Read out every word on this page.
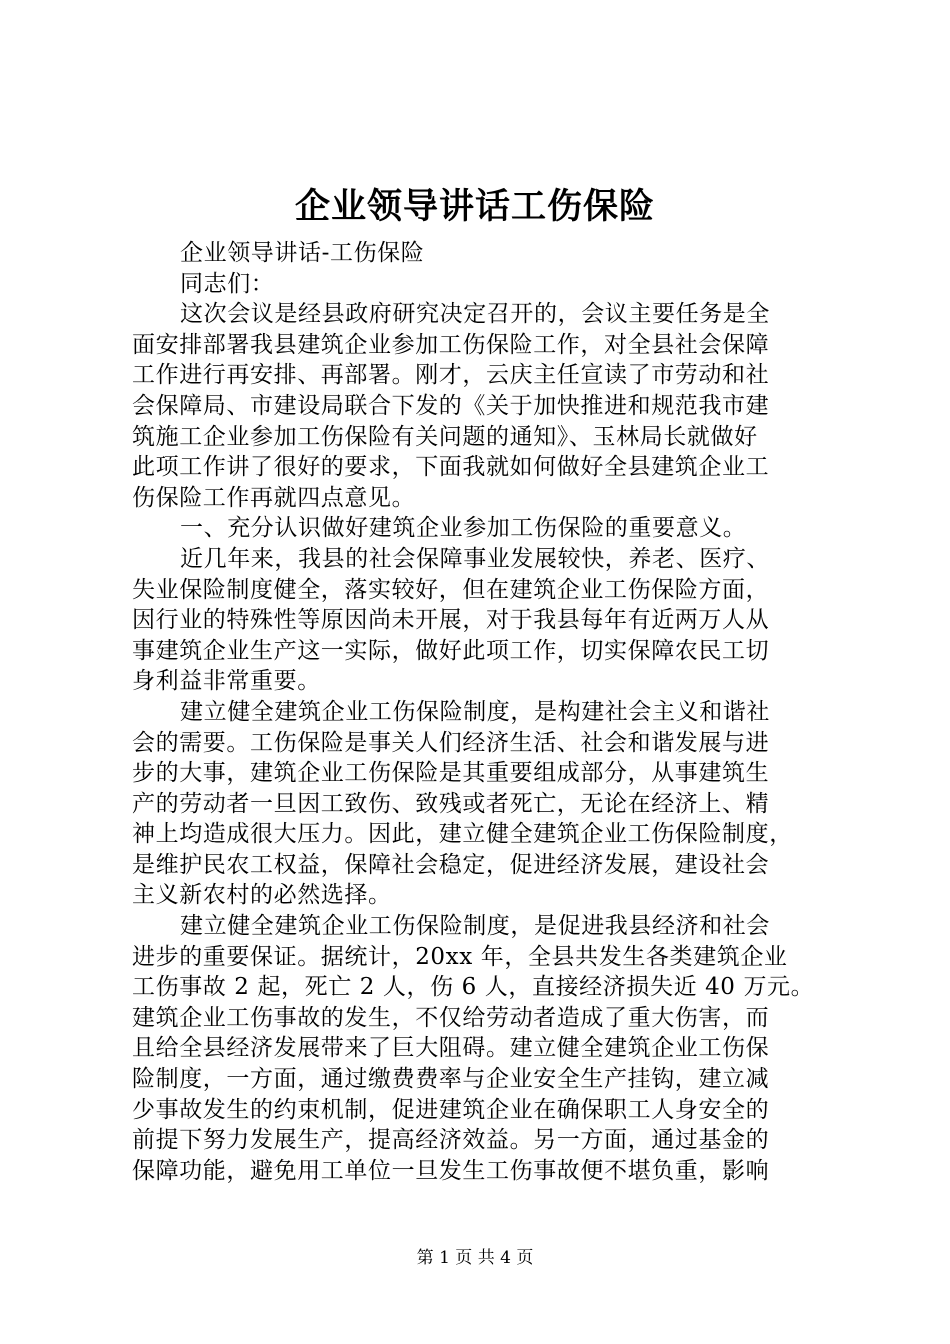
企业领导讲话工伤保险
企业领导讲话-工伤保险
同志们：
这次会议是经县政府研究决定召开的，会议主要任务是全
面安排部署我县建筑企业参加工伤保险工作，对全县社会保障
工作进行再安排、再部署。刚才，云庆主任宣读了市劳动和社
会保障局、市建设局联合下发的《关于加快推进和规范我市建
筑施工企业参加工伤保险有关问题的通知》、玉林局长就做好
此项工作讲了很好的要求，下面我就如何做好全县建筑企业工
伤保险工作再就四点意见。
一、充分认识做好建筑企业参加工伤保险的重要意义。
近几年来，我县的社会保障事业发展较快，养老、医疗、
失业保险制度健全，落实较好，但在建筑企业工伤保险方面，
因行业的特殊性等原因尚未开展，对于我县每年有近两万人从
事建筑企业生产这一实际，做好此项工作，切实保障农民工切
身利益非常重要。
建立健全建筑企业工伤保险制度，是构建社会主义和谐社
会的需要。工伤保险是事关人们经济生活、社会和谐发展与进
步的大事，建筑企业工伤保险是其重要组成部分，从事建筑生
产的劳动者一旦因工致伤、致残或者死亡，无论在经济上、精
神上均造成很大压力。因此，建立健全建筑企业工伤保险制度，
是维护民农工权益，保障社会稳定，促进经济发展，建设社会
主义新农村的必然选择。
建立健全建筑企业工伤保险制度，是促进我县经济和社会
进步的重要保证。据统计，20xx 年，全县共发生各类建筑企业
工伤事故 2 起，死亡 2 人，伤 6 人，直接经济损失近 40 万元。
建筑企业工伤事故的发生，不仅给劳动者造成了重大伤害，而
且给全县经济发展带来了巨大阻碍。建立健全建筑企业工伤保
险制度，一方面，通过缴费费率与企业安全生产挂钩，建立减
少事故发生的约束机制，促进建筑企业在确保职工人身安全的
前提下努力发展生产，提高经济效益。另一方面，通过基金的
保障功能，避免用工单位一旦发生工伤事故便不堪负重，影响
第 1 页 共 4 页
